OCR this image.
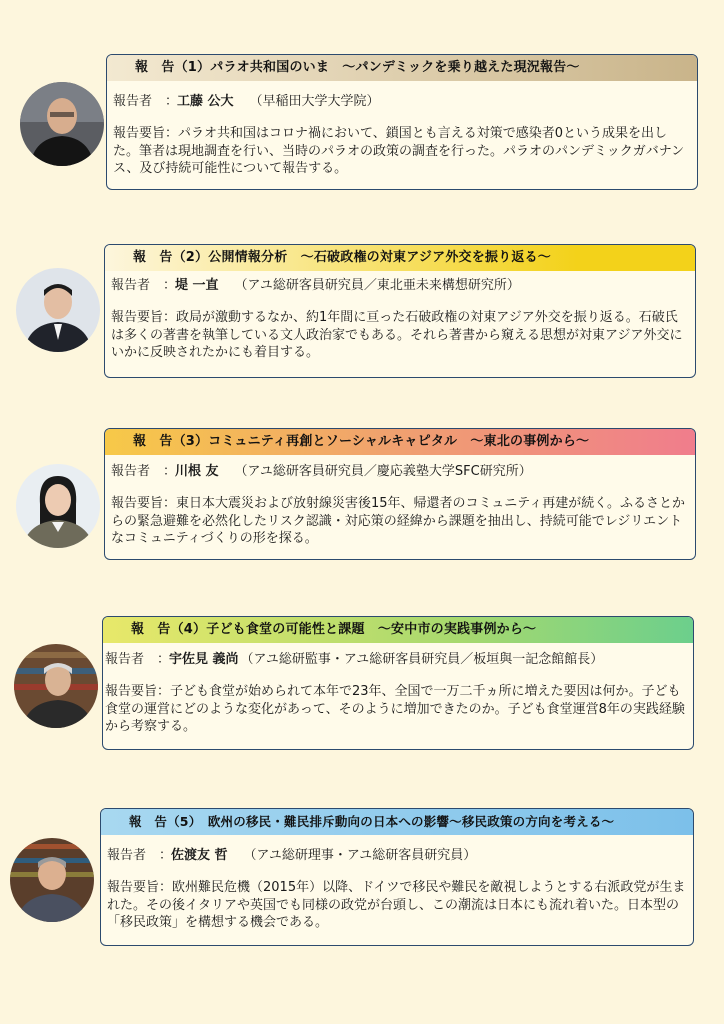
報　告（1）パラオ共和国のいま　〜パンデミックを乗り越えた現況報告〜
報告者　：工藤 公大 （早稲田大学大学院）
報告要旨：パラオ共和国はコロナ禍において、鎖国とも言える対策で感染者0という成果を出した。筆者は現地調査を行い、当時のパラオの政策の調査を行った。パラオのパンデミックガバナンス、及び持続可能性について報告する。
報　告（2）公開情報分析　〜石破政権の対東アジア外交を振り返る〜
報告者　：堤 一直 （アユ総研客員研究員／東北亜未来構想研究所）
報告要旨：政局が激動するなか、約1年間に亘った石破政権の対東アジア外交を振り返る。石破氏は多くの著書を執筆している文人政治家でもある。それら著書から窺える思想が対東アジア外交にいかに反映されたかにも着目する。
報　告（3）コミュニティ再創とソーシャルキャピタル　〜東北の事例から〜
報告者　：川根 友 （アユ総研客員研究員／慶応義塾大学SFC研究所）
報告要旨：東日本大震災および放射線災害後15年、帰還者のコミュニティ再建が続く。ふるさとからの緊急避難を必然化したリスク認識・対応策の経緯から課題を抽出し、持続可能でレジリエントなコミュニティづくりの形を探る。
報　告（4）子ども食堂の可能性と課題　〜安中市の実践事例から〜
報告者　：宇佐見 義尚 （アユ総研監事・アユ総研客員研究員／板垣與一記念館館長）
報告要旨：子ども食堂が始められて本年で23年、全国で一万二千ヵ所に増えた要因は何か。子ども食堂の運営にどのような変化があって、そのように増加できたのか。子ども食堂運営8年の実践経験から考察する。
報　告（5）　欧州の移民・難民排斥動向の日本への影響〜移民政策の方向を考える〜
報告者　：佐渡友 哲 （アユ総研理事・アユ総研客員研究員）
報告要旨：欧州難民危機（2015年）以降、ドイツで移民や難民を敵視しようとする右派政党が生まれた。その後イタリアや英国でも同様の政党が台頭し、この潮流は日本にも流れ着いた。日本型の「移民政策」を構想する機会である。
